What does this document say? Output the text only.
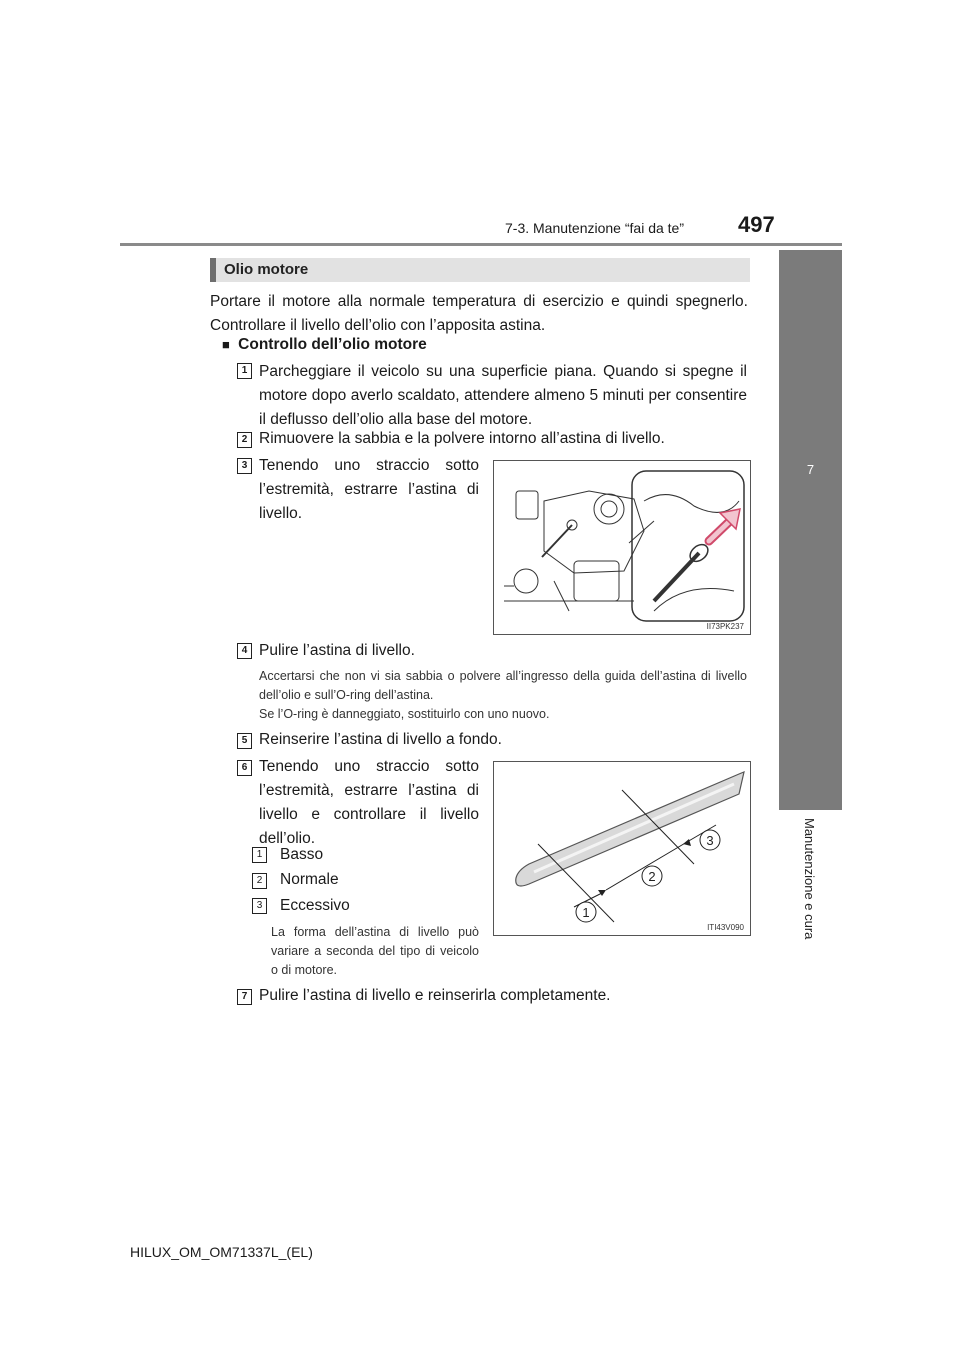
7-3. Manutenzione “fai da te” 497
7
Manutenzione e cura
Olio motore
Portare il motore alla normale temperatura di esercizio e quindi spegnerlo. Controllare il livello dell’olio con l’apposita astina.
■ Controllo dell’olio motore
1 Parcheggiare il veicolo su una superficie piana. Quando si spegne il motore dopo averlo scaldato, attendere almeno 5 minuti per consentire il deflusso dell’olio alla base del motore.
2 Rimuovere la sabbia e la polvere intorno all’astina di livello.
3 Tenendo uno straccio sotto l’estremità, estrarre l’astina di livello.
II73PK237
4 Pulire l’astina di livello.
Accertarsi che non vi sia sabbia o polvere all’ingresso della guida dell’astina di livello dell’olio e sull’O-ring dell’astina.
Se l’O-ring è danneggiato, sostituirlo con uno nuovo.
5 Reinserire l’astina di livello a fondo.
6 Tenendo uno straccio sotto l’estremità, estrarre l’astina di livello e controllare il livello dell’olio.
1	Basso
2	Normale
3	Eccessivo
La forma dell’astina di livello può variare a seconda del tipo di veicolo o di motore.
1
2
3
ITI43V090
7 Pulire l’astina di livello e reinserirla completamente.
HILUX_OM_OM71337L_(EL)
